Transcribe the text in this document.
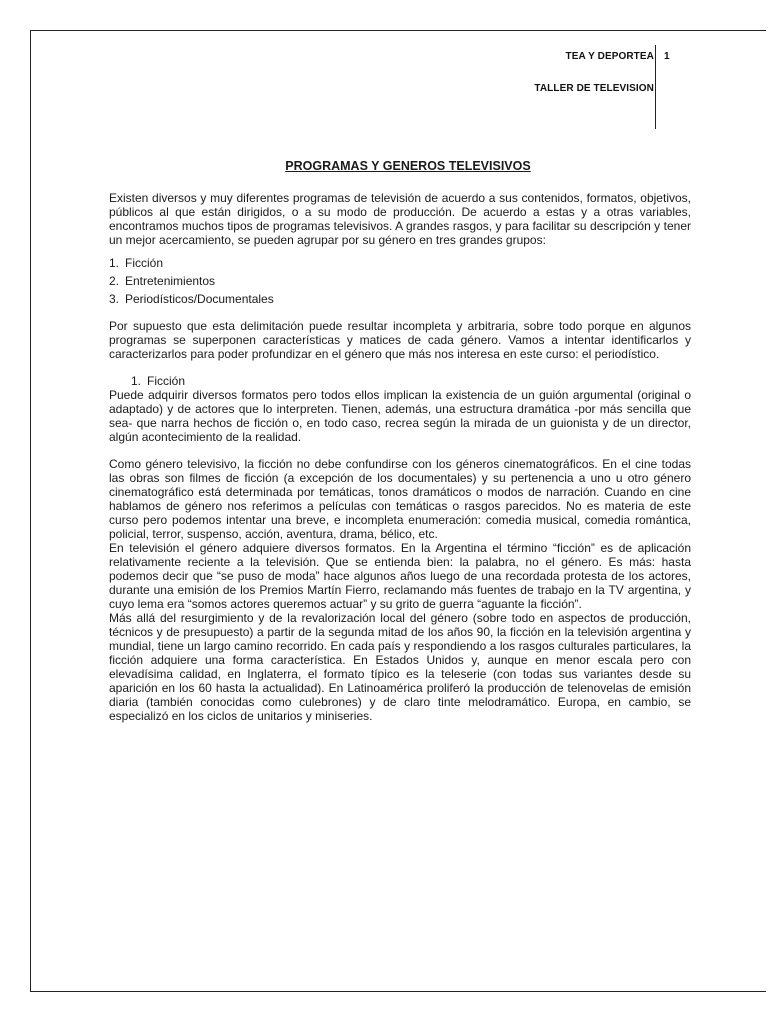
TEA Y DEPORTEA
TALLER DE TELEVISION
1
PROGRAMAS Y GENEROS TELEVISIVOS

Existen diversos y muy diferentes programas de televisión de acuerdo a sus contenidos, formatos, objetivos, públicos al que están dirigidos, o a su modo de producción. De acuerdo a estas y a otras variables, encontramos muchos tipos de programas televisivos. A grandes rasgos, y para facilitar su descripción y tener un mejor acercamiento, se pueden agrupar por su género en tres grandes grupos:

1. Ficción
2. Entretenimientos
3. Periodísticos/Documentales

Por supuesto que esta delimitación puede resultar incompleta y arbitraria, sobre todo porque en algunos programas se superponen características y matices de cada género. Vamos a intentar identificarlos y caracterizarlos para poder profundizar en el género que más nos interesa en este curso: el periodístico.

1. Ficción

Puede adquirir diversos formatos pero todos ellos implican la existencia de un guión argumental (original o adaptado) y de actores que lo interpreten. Tienen, además, una estructura dramática -por más sencilla que sea- que narra hechos de ficción o, en todo caso, recrea según la mirada de un guionista y de un director, algún acontecimiento de la realidad.

Como género televisivo, la ficción no debe confundirse con los géneros cinematográficos. En el cine todas las obras son filmes de ficción (a excepción de los documentales) y su pertenencia a uno u otro género cinematográfico está determinada por temáticas, tonos dramáticos o modos de narración. Cuando en cine hablamos de género nos referimos a películas con temáticas o rasgos parecidos. No es materia de este curso pero podemos intentar una breve, e incompleta enumeración: comedia musical, comedia romántica, policial, terror, suspenso, acción, aventura, drama, bélico, etc.

En televisión el género adquiere diversos formatos. En la Argentina el término “ficción” es de aplicación relativamente reciente a la televisión. Que se entienda bien: la palabra, no el género. Es más: hasta podemos decir que “se puso de moda” hace algunos años luego de una recordada protesta de los actores, durante una emisión de los Premios Martín Fierro, reclamando más fuentes de trabajo en la TV argentina, y cuyo lema era “somos actores queremos actuar” y su grito de guerra “aguante la ficción”.

Más allá del resurgimiento y de la revalorización local del género (sobre todo en aspectos de producción, técnicos y de presupuesto) a partir de la segunda mitad de los años 90, la ficción en la televisión argentina y mundial, tiene un largo camino recorrido. En cada país y respondiendo a los rasgos culturales particulares, la ficción adquiere una forma característica. En Estados Unidos y, aunque en menor escala pero con elevadísima calidad, en Inglaterra, el formato típico es la teleserie (con todas sus variantes desde su aparición en los 60 hasta la actualidad). En Latinoamérica proliferó la producción de telenovelas de emisión diaria (también conocidas como culebrones) y de claro tinte melodramático. Europa, en cambio, se especializó en los ciclos de unitarios y miniseries.
